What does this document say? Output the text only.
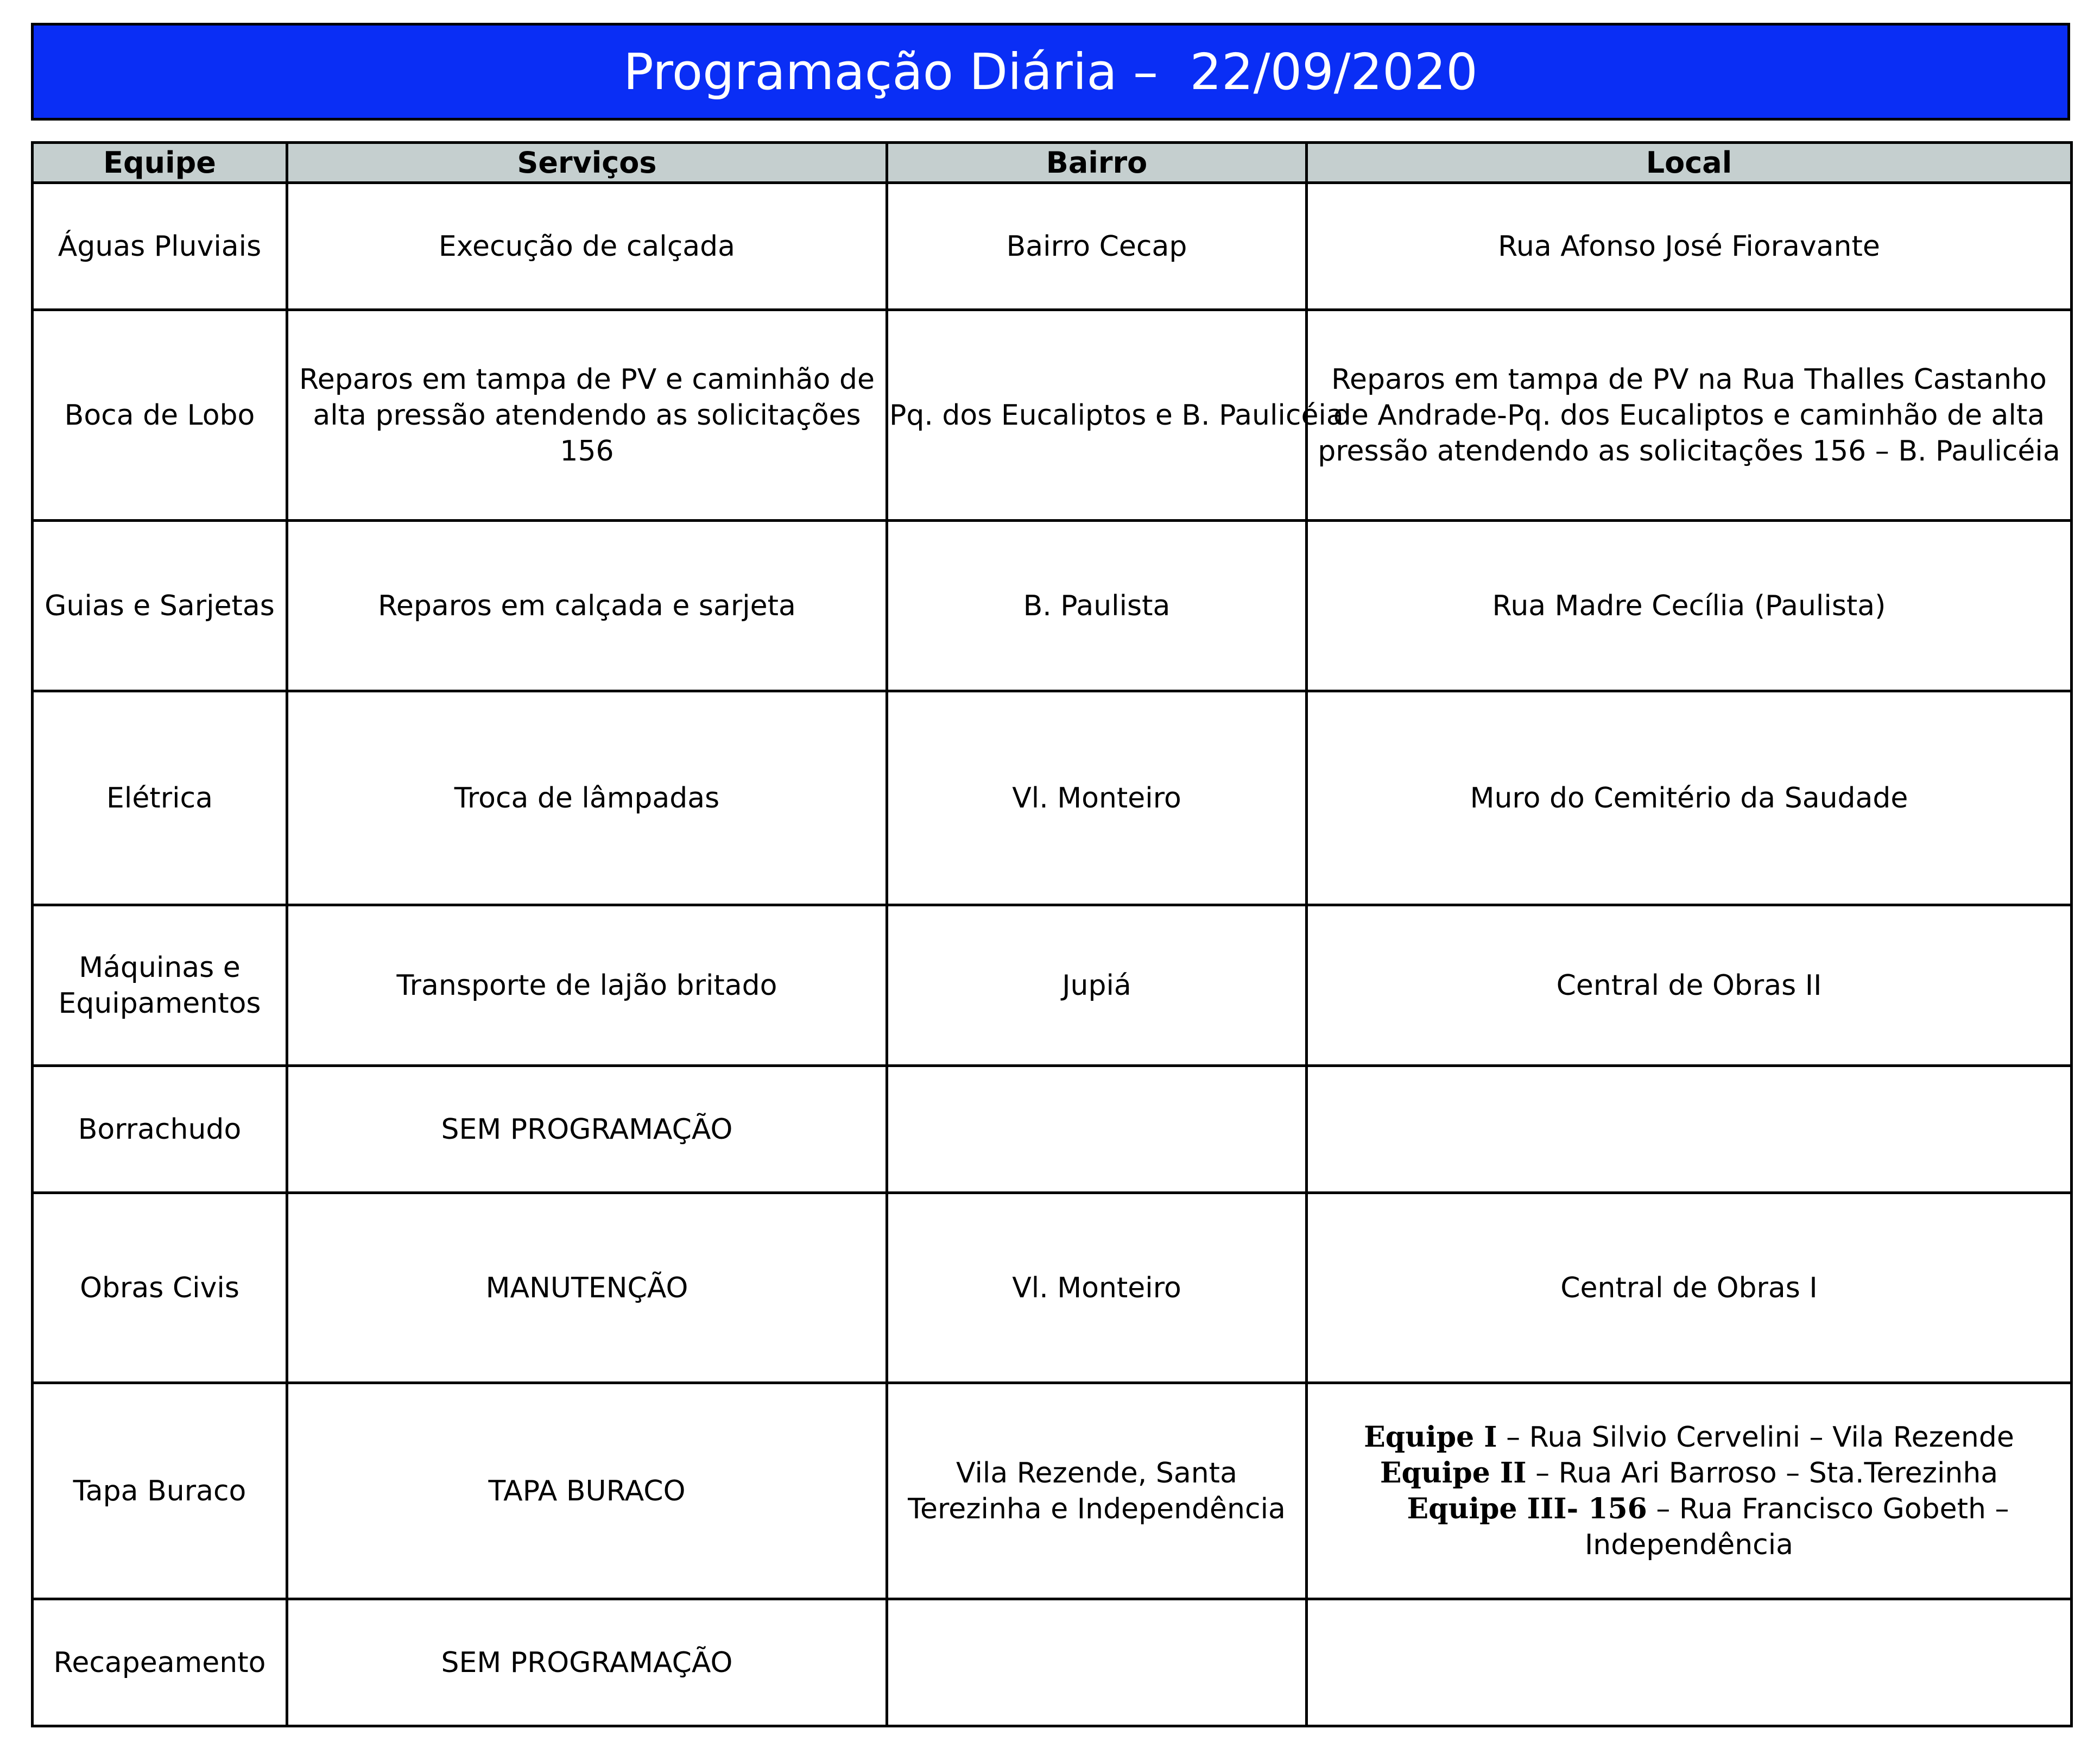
Programação Diária –  22/09/2020
Equipe	Serviços	Bairro	Local
Águas Pluviais	Execução de calçada	Bairro Cecap	Rua Afonso José Fioravante
Boca de Lobo	Reparos em tampa de PV e caminhão de alta pressão atendendo as solicitações 156	Pq. dos Eucaliptos e B. Paulicéia	Reparos em tampa de PV na Rua Thalles Castanho de Andrade-Pq. dos Eucaliptos e caminhão de alta pressão atendendo as solicitações 156 – B. Paulicéia
Guias e Sarjetas	Reparos em calçada e sarjeta	B. Paulista	Rua Madre Cecília (Paulista)
Elétrica	Troca de lâmpadas	Vl. Monteiro	Muro do Cemitério da Saudade
Máquinas e Equipamentos	Transporte de lajão britado	Jupiá	Central de Obras II
Borrachudo	SEM PROGRAMAÇÃO		
Obras Civis	MANUTENÇÃO	Vl. Monteiro	Central de Obras I
Tapa Buraco	TAPA BURACO	Vila Rezende, Santa Terezinha e Independência	Equipe I – Rua Silvio Cervelini – Vila Rezende
Equipe II – Rua Ari Barroso – Sta.Terezinha
Equipe III- 156 – Rua Francisco Gobeth –
Independência

Recapeamento	SEM PROGRAMAÇÃO		
